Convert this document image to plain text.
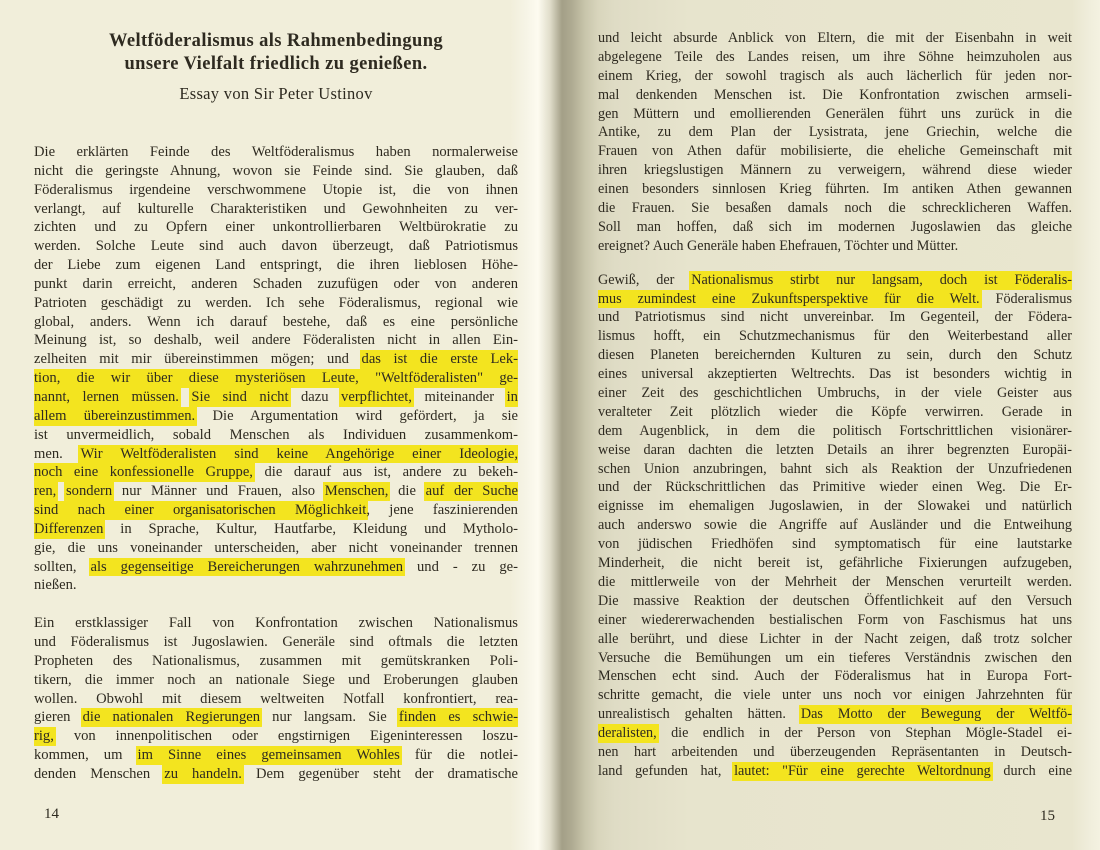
Weltföderalismus als Rahmenbedingung
unsere Vielfalt friedlich zu genießen.
Essay von Sir Peter Ustinov
Die erklärten Feinde des Weltföderalismus haben normalerweise
nicht die geringste Ahnung, wovon sie Feinde sind. Sie glauben, daß
Föderalismus irgendeine verschwommene Utopie ist, die von ihnen
verlangt, auf kulturelle Charakteristiken und Gewohnheiten zu ver-
zichten und zu Opfern einer unkontrollierbaren Weltbürokratie zu
werden. Solche Leute sind auch davon überzeugt, daß Patriotismus
der Liebe zum eigenen Land entspringt, die ihren lieblosen Höhe-
punkt darin erreicht, anderen Schaden zuzufügen oder von anderen
Patrioten geschädigt zu werden. Ich sehe Föderalismus, regional wie
global, anders. Wenn ich darauf bestehe, daß es eine persönliche
Meinung ist, so deshalb, weil andere Föderalisten nicht in allen Ein-
zelheiten mit mir übereinstimmen mögen; und das ist die erste Lek-
tion, die wir über diese mysteriösen Leute, "Weltföderalisten" ge-
nannt, lernen müssen. Sie sind nicht dazu verpflichtet, miteinander in
allem übereinzustimmen. Die Argumentation wird gefördert, ja sie
ist unvermeidlich, sobald Menschen als Individuen zusammenkom-
men. Wir Weltföderalisten sind keine Angehörige einer Ideologie,
noch eine konfessionelle Gruppe, die darauf aus ist, andere zu bekeh-
ren, sondern nur Männer und Frauen, also Menschen, die auf der Suche
sind nach einer organisatorischen Möglichkeit, jene faszinierenden
Differenzen in Sprache, Kultur, Hautfarbe, Kleidung und Mytholo-
gie, die uns voneinander unterscheiden, aber nicht voneinander trennen
sollten, als gegenseitige Bereicherungen wahrzunehmen und - zu ge-
nießen.
Ein erstklassiger Fall von Konfrontation zwischen Nationalismus
und Föderalismus ist Jugoslawien. Generäle sind oftmals die letzten
Propheten des Nationalismus, zusammen mit gemütskranken Poli-
tikern, die immer noch an nationale Siege und Eroberungen glauben
wollen. Obwohl mit diesem weltweiten Notfall konfrontiert, rea-
gieren die nationalen Regierungen nur langsam. Sie finden es schwie-
rig, von innenpolitischen oder engstirnigen Eigeninteressen loszu-
kommen, um im Sinne eines gemeinsamen Wohles für die notlei-
denden Menschen zu handeln. Dem gegenüber steht der dramatische
14
und leicht absurde Anblick von Eltern, die mit der Eisenbahn in weit
abgelegene Teile des Landes reisen, um ihre Söhne heimzuholen aus
einem Krieg, der sowohl tragisch als auch lächerlich für jeden nor-
mal denkenden Menschen ist. Die Konfrontation zwischen armseli-
gen Müttern und emollierenden Generälen führt uns zurück in die
Antike, zu dem Plan der Lysistrata, jene Griechin, welche die
Frauen von Athen dafür mobilisierte, die eheliche Gemeinschaft mit
ihren kriegslustigen Männern zu verweigern, während diese wieder
einen besonders sinnlosen Krieg führten. Im antiken Athen gewannen
die Frauen. Sie besaßen damals noch die schrecklicheren Waffen.
Soll man hoffen, daß sich im modernen Jugoslawien das gleiche
ereignet? Auch Generäle haben Ehefrauen, Töchter und Mütter.
Gewiß, der Nationalismus stirbt nur langsam, doch ist Föderalis-
mus zumindest eine Zukunftsperspektive für die Welt. Föderalismus
und Patriotismus sind nicht unvereinbar. Im Gegenteil, der Födera-
lismus hofft, ein Schutzmechanismus für den Weiterbestand aller
diesen Planeten bereichernden Kulturen zu sein, durch den Schutz
eines universal akzeptierten Weltrechts. Das ist besonders wichtig in
einer Zeit des geschichtlichen Umbruchs, in der viele Geister aus
veralteter Zeit plötzlich wieder die Köpfe verwirren. Gerade in
dem Augenblick, in dem die politisch Fortschrittlichen visionärer-
weise daran dachten die letzten Details an ihrer begrenzten Europäi-
schen Union anzubringen, bahnt sich als Reaktion der Unzufriedenen
und der Rückschrittlichen das Primitive wieder einen Weg. Die Er-
eignisse im ehemaligen Jugoslawien, in der Slowakei und natürlich
auch anderswo sowie die Angriffe auf Ausländer und die Entweihung
von jüdischen Friedhöfen sind symptomatisch für eine lautstarke
Minderheit, die nicht bereit ist, gefährliche Fixierungen aufzugeben,
die mittlerweile von der Mehrheit der Menschen verurteilt werden.
Die massive Reaktion der deutschen Öffentlichkeit auf den Versuch
einer wiedererwachenden bestialischen Form von Faschismus hat uns
alle berührt, und diese Lichter in der Nacht zeigen, daß trotz solcher
Versuche die Bemühungen um ein tieferes Verständnis zwischen den
Menschen echt sind. Auch der Föderalismus hat in Europa Fort-
schritte gemacht, die viele unter uns noch vor einigen Jahrzehnten für
unrealistisch gehalten hätten. Das Motto der Bewegung der Weltfö-
deralisten, die endlich in der Person von Stephan Mögle-Stadel ei-
nen hart arbeitenden und überzeugenden Repräsentanten in Deutsch-
land gefunden hat, lautet: "Für eine gerechte Weltordnung durch eine
15
